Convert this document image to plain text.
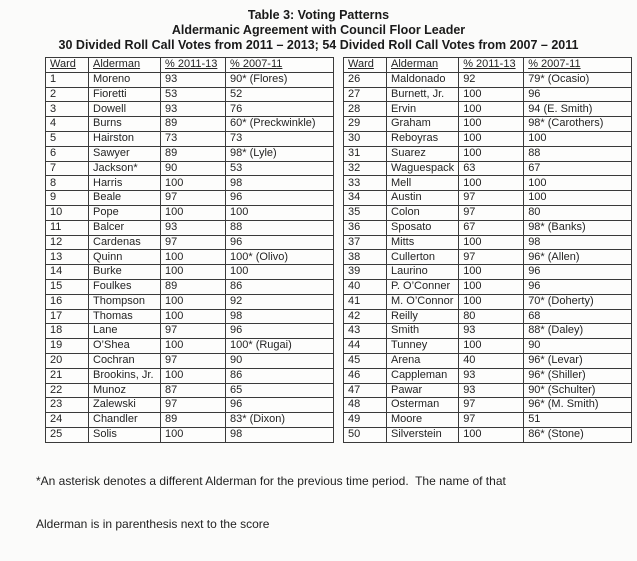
Table 3: Voting Patterns
Aldermanic Agreement with Council Floor Leader
30 Divided Roll Call Votes from 2011 – 2013; 54 Divided Roll Call Votes from 2007 – 2011
Ward	Alderman	% 2011-13	% 2007-11
1	Moreno	93	90* (Flores)
2	Fioretti	53	52
3	Dowell	93	76
4	Burns	89	60* (Preckwinkle)
5	Hairston	73	73
6	Sawyer	89	98* (Lyle)
7	Jackson*	90	53
8	Harris	100	98
9	Beale	97	96
10	Pope	100	100
11	Balcer	93	88
12	Cardenas	97	96
13	Quinn	100	100* (Olivo)
14	Burke	100	100
15	Foulkes	89	86
16	Thompson	100	92
17	Thomas	100	98
18	Lane	97	96
19	O’Shea	100	100* (Rugai)
20	Cochran	97	90
21	Brookins, Jr.	100	86
22	Munoz	87	65
23	Zalewski	97	96
24	Chandler	89	83* (Dixon)
25	Solis	100	98
Ward	Alderman	% 2011-13	% 2007-11
26	Maldonado	92	79* (Ocasio)
27	Burnett, Jr.	100	96
28	Ervin	100	94 (E. Smith)
29	Graham	100	98* (Carothers)
30	Reboyras	100	100
31	Suarez	100	88
32	Waguespack	63	67
33	Mell	100	100
34	Austin	97	100
35	Colon	97	80
36	Sposato	67	98* (Banks)
37	Mitts	100	98
38	Cullerton	97	96* (Allen)
39	Laurino	100	96
40	P. O’Conner	100	96
41	M. O’Connor	100	70* (Doherty)
42	Reilly	80	68
43	Smith	93	88* (Daley)
44	Tunney	100	90
45	Arena	40	96* (Levar)
46	Cappleman	93	96* (Shiller)
47	Pawar	93	90* (Schulter)
48	Osterman	97	96* (M. Smith)
49	Moore	97	51
50	Silverstein	100	86* (Stone)

*An asterisk denotes a different Alderman for the previous time period.  The name of that

Alderman is in parenthesis next to the score
